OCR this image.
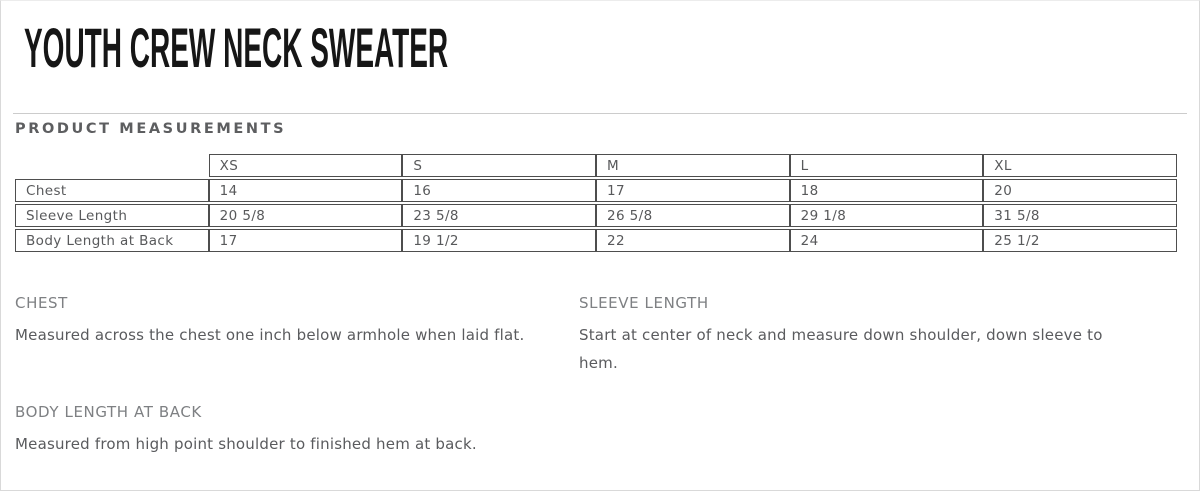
YOUTH CREW NECK SWEATER
PRODUCT MEASUREMENTS
	XS	S	M	L	XL
Chest	14	16	17	18	20
Sleeve Length	20 5/8	23 5/8	26 5/8	29 1/8	31 5/8
Body Length at Back	17	19 1/2	22	24	25 1/2
CHEST

Measured across the chest one inch below armhole when laid flat.

SLEEVE LENGTH

Start at center of neck and measure down shoulder, down sleeve to hem.

BODY LENGTH AT BACK

Measured from high point shoulder to finished hem at back.
